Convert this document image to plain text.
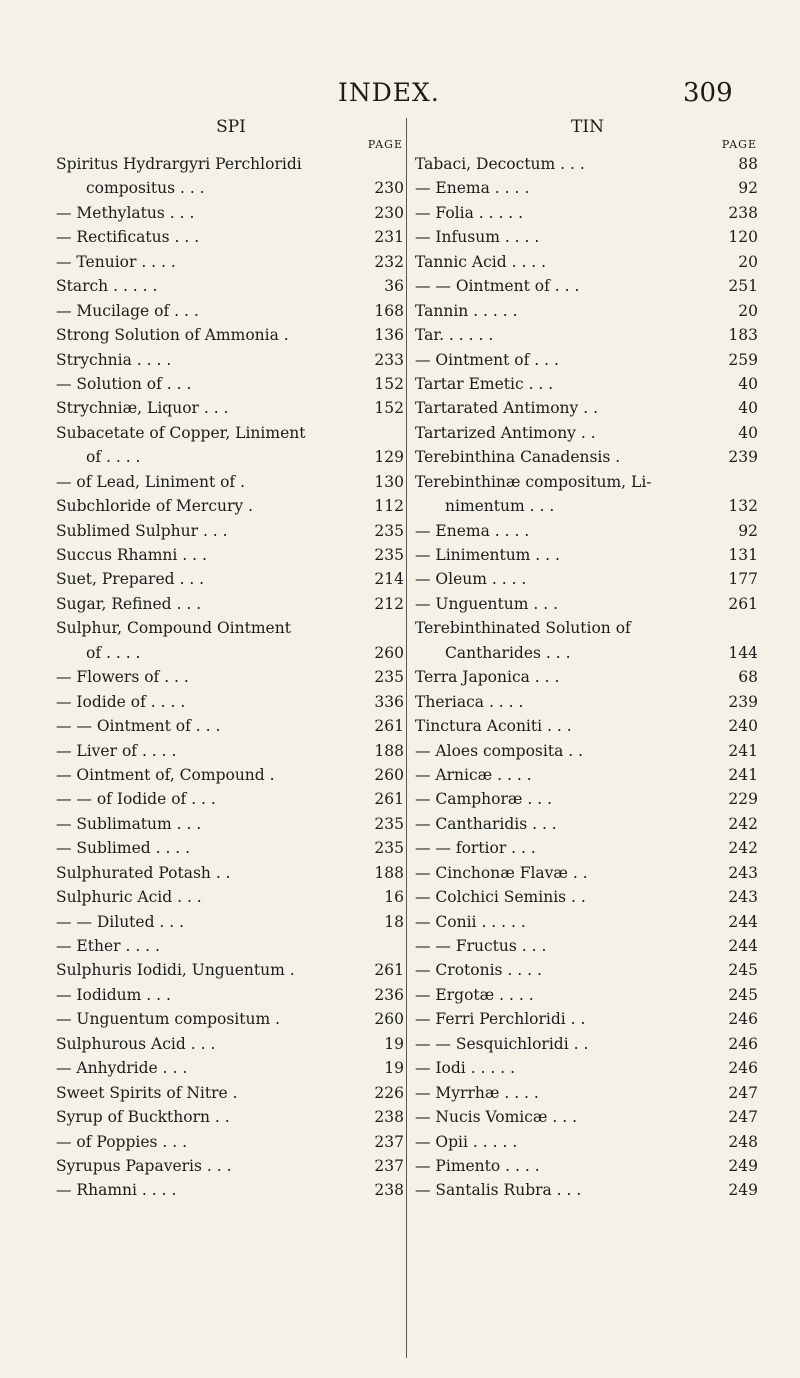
INDEX.	309
SPI
PAGE
Spiritus Hydrargyri Perchloridi
compositus . . .	230
— Methylatus . . .	230
— Rectificatus . . .	231
— Tenuior . . . .	232
Starch . . . . .	36
— Mucilage of . . .	168
Strong Solution of Ammonia .	136
Strychnia . . . .	233
— Solution of . . .	152
Strychniæ, Liquor . . .	152
Subacetate of Copper, Liniment
of . . . .	129
— of Lead, Liniment of .	130
Subchloride of Mercury .	112
Sublimed Sulphur . . .	235
Succus Rhamni . . .	235
Suet, Prepared . . .	214
Sugar, Refined . . .	212
Sulphur, Compound Ointment
of . . . .	260
— Flowers of . . .	235
— Iodide of . . . .	336
— — Ointment of . . .	261
— Liver of . . . .	188
— Ointment of, Compound .	260
— — of Iodide of . . .	261
— Sublimatum . . .	235
— Sublimed . . . .	235
Sulphurated Potash . .	188
Sulphuric Acid . . .	16
— — Diluted . . .	18
— Ether . . . .
Sulphuris Iodidi, Unguentum .	261
— Iodidum . . .	236
— Unguentum compositum .	260
Sulphurous Acid . . .	19
— Anhydride . . .	19
Sweet Spirits of Nitre .	226
Syrup of Buckthorn . .	238
— of Poppies . . .	237
Syrupus Papaveris . . .	237
— Rhamni . . . .	238
TIN
PAGE
Tabaci, Decoctum . . .	88
— Enema . . . .	92
— Folia . . . . .	238
— Infusum . . . .	120
Tannic Acid . . . .	20
— — Ointment of . . .	251
Tannin . . . . .	20
Tar. . . . . .	183
— Ointment of . . .	259
Tartar Emetic . . .	40
Tartarated Antimony . .	40
Tartarized Antimony . .	40
Terebinthina Canadensis .	239
Terebinthinæ compositum, Li-
nimentum . . .	132
— Enema . . . .	92
— Linimentum . . .	131
— Oleum . . . .	177
— Unguentum . . .	261
Terebinthinated Solution of
Cantharides . . .	144
Terra Japonica . . .	68
Theriaca . . . .	239
Tinctura Aconiti . . .	240
— Aloes composita . .	241
— Arnicæ . . . .	241
— Camphoræ . . .	229
— Cantharidis . . .	242
— — fortior . . .	242
— Cinchonæ Flavæ . .	243
— Colchici Seminis . .	243
— Conii . . . . .	244
— — Fructus . . .	244
— Crotonis . . . .	245
— Ergotæ . . . .	245
— Ferri Perchloridi . .	246
— — Sesquichloridi . .	246
— Iodi . . . . .	246
— Myrrhæ . . . .	247
— Nucis Vomicæ . . .	247
— Opii . . . . .	248
— Pimento . . . .	249
— Santalis Rubra . . .	249
